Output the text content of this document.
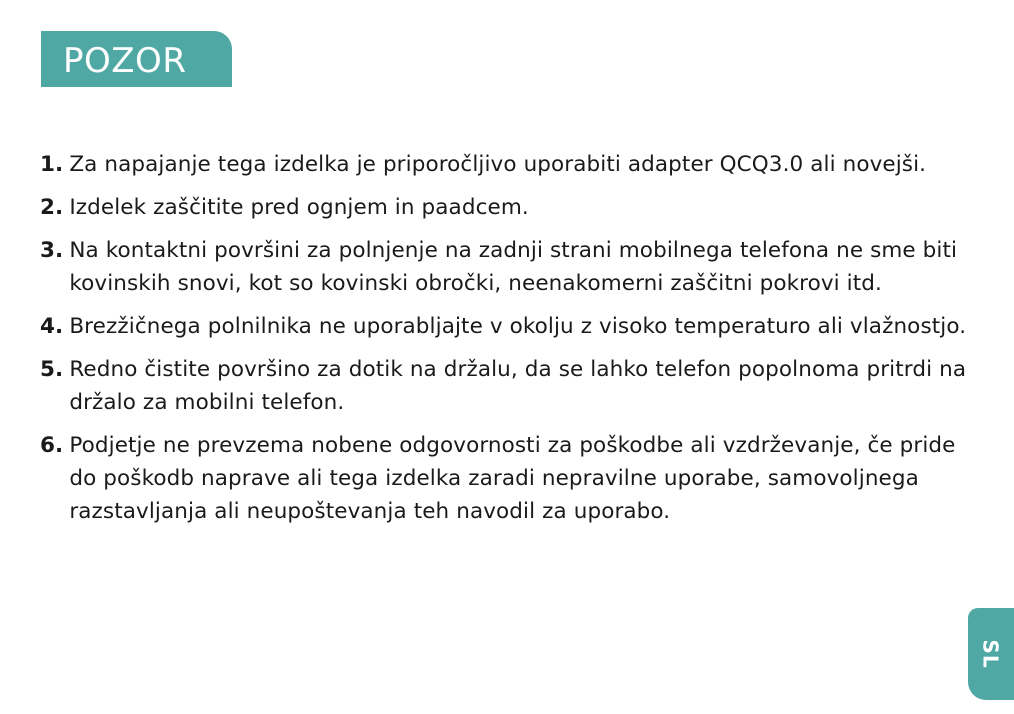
POZOR
1. Za napajanje tega izdelka je priporočljivo uporabiti adapter QCQ3.0 ali novejši.
2. Izdelek zaščitite pred ognjem in paadcem.
3. Na kontaktni površini za polnjenje na zadnji strani mobilnega telefona ne sme biti kovinskih snovi, kot so kovinski obročki, neenakomerni zaščitni pokrovi itd.
4. Brezžičnega polnilnika ne uporabljajte v okolju z visoko temperaturo ali vlažnostjo.
5. Redno čistite površino za dotik na držalu, da se lahko telefon popolnoma pritrdi na držalo za mobilni telefon.
6. Podjetje ne prevzema nobene odgovornosti za poškodbe ali vzdrževanje, če pride do poškodb naprave ali tega izdelka zaradi nepravilne uporabe, samovoljnega razstavljanja ali neupoštevanja teh navodil za uporabo.
SL
